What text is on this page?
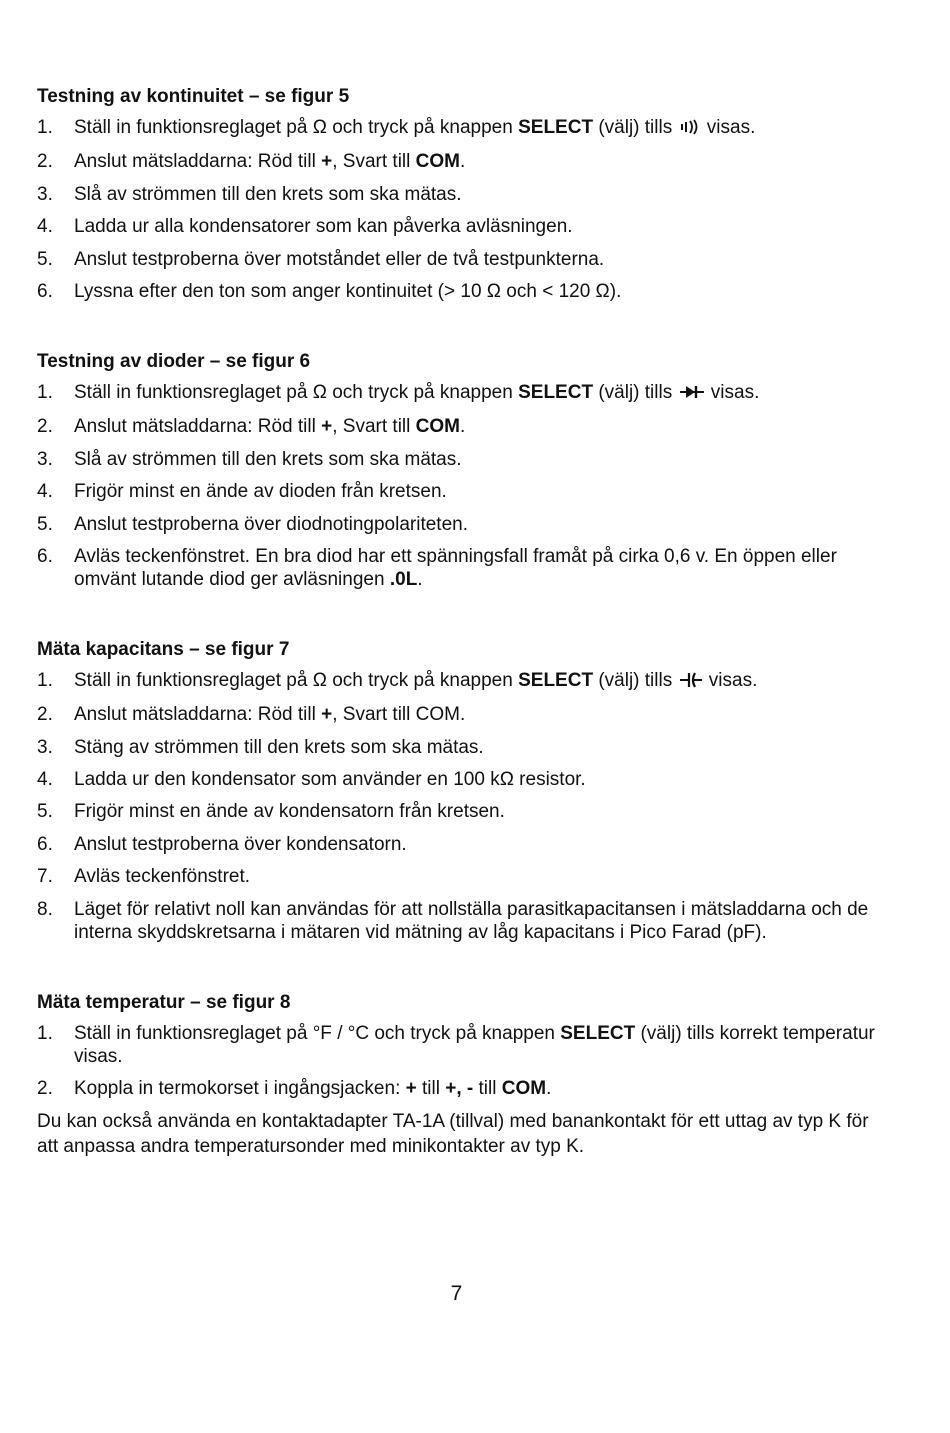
Testning av kontinuitet – se figur 5
1. Ställ in funktionsreglaget på Ω och tryck på knappen SELECT (välj) tills  visas.
2. Anslut mätsladdarna: Röd till +, Svart till COM.
3. Slå av strömmen till den krets som ska mätas.
4. Ladda ur alla kondensatorer som kan påverka avläsningen.
5. Anslut testproberna över motståndet eller de två testpunkterna.
6. Lyssna efter den ton som anger kontinuitet (> 10 Ω och < 120 Ω).
Testning av dioder – se figur 6
1. Ställ in funktionsreglaget på Ω och tryck på knappen SELECT (välj) tills  visas.
2. Anslut mätsladdarna: Röd till +, Svart till COM.
3. Slå av strömmen till den krets som ska mätas.
4. Frigör minst en ände av dioden från kretsen.
5. Anslut testproberna över diodnotingpolariteten.
6. Avläs teckenfönstret. En bra diod har ett spänningsfall framåt på cirka 0,6 v. En öppen eller omvänt lutande diod ger avläsningen .0L.
Mäta kapacitans – se figur 7
1. Ställ in funktionsreglaget på Ω och tryck på knappen SELECT (välj) tills  visas.
2. Anslut mätsladdarna: Röd till +, Svart till COM.
3. Stäng av strömmen till den krets som ska mätas.
4. Ladda ur den kondensator som använder en 100 kΩ resistor.
5. Frigör minst en ände av kondensatorn från kretsen.
6. Anslut testproberna över kondensatorn.
7. Avläs teckenfönstret.
8. Läget för relativt noll kan användas för att nollställa parasitkapacitansen i mätsladdarna och de interna skyddskretsarna i mätaren vid mätning av låg kapacitans i Pico Farad (pF).
Mäta temperatur – se figur 8
1. Ställ in funktionsreglaget på °F / °C och tryck på knappen SELECT (välj) tills korrekt temperatur visas.
2. Koppla in termokorset i ingångsjacken: + till +, - till COM.

Du kan också använda en kontaktadapter TA-1A (tillval) med banankontakt för ett uttag av typ K för att anpassa andra temperatursonder med minikontakter av typ K.

7
